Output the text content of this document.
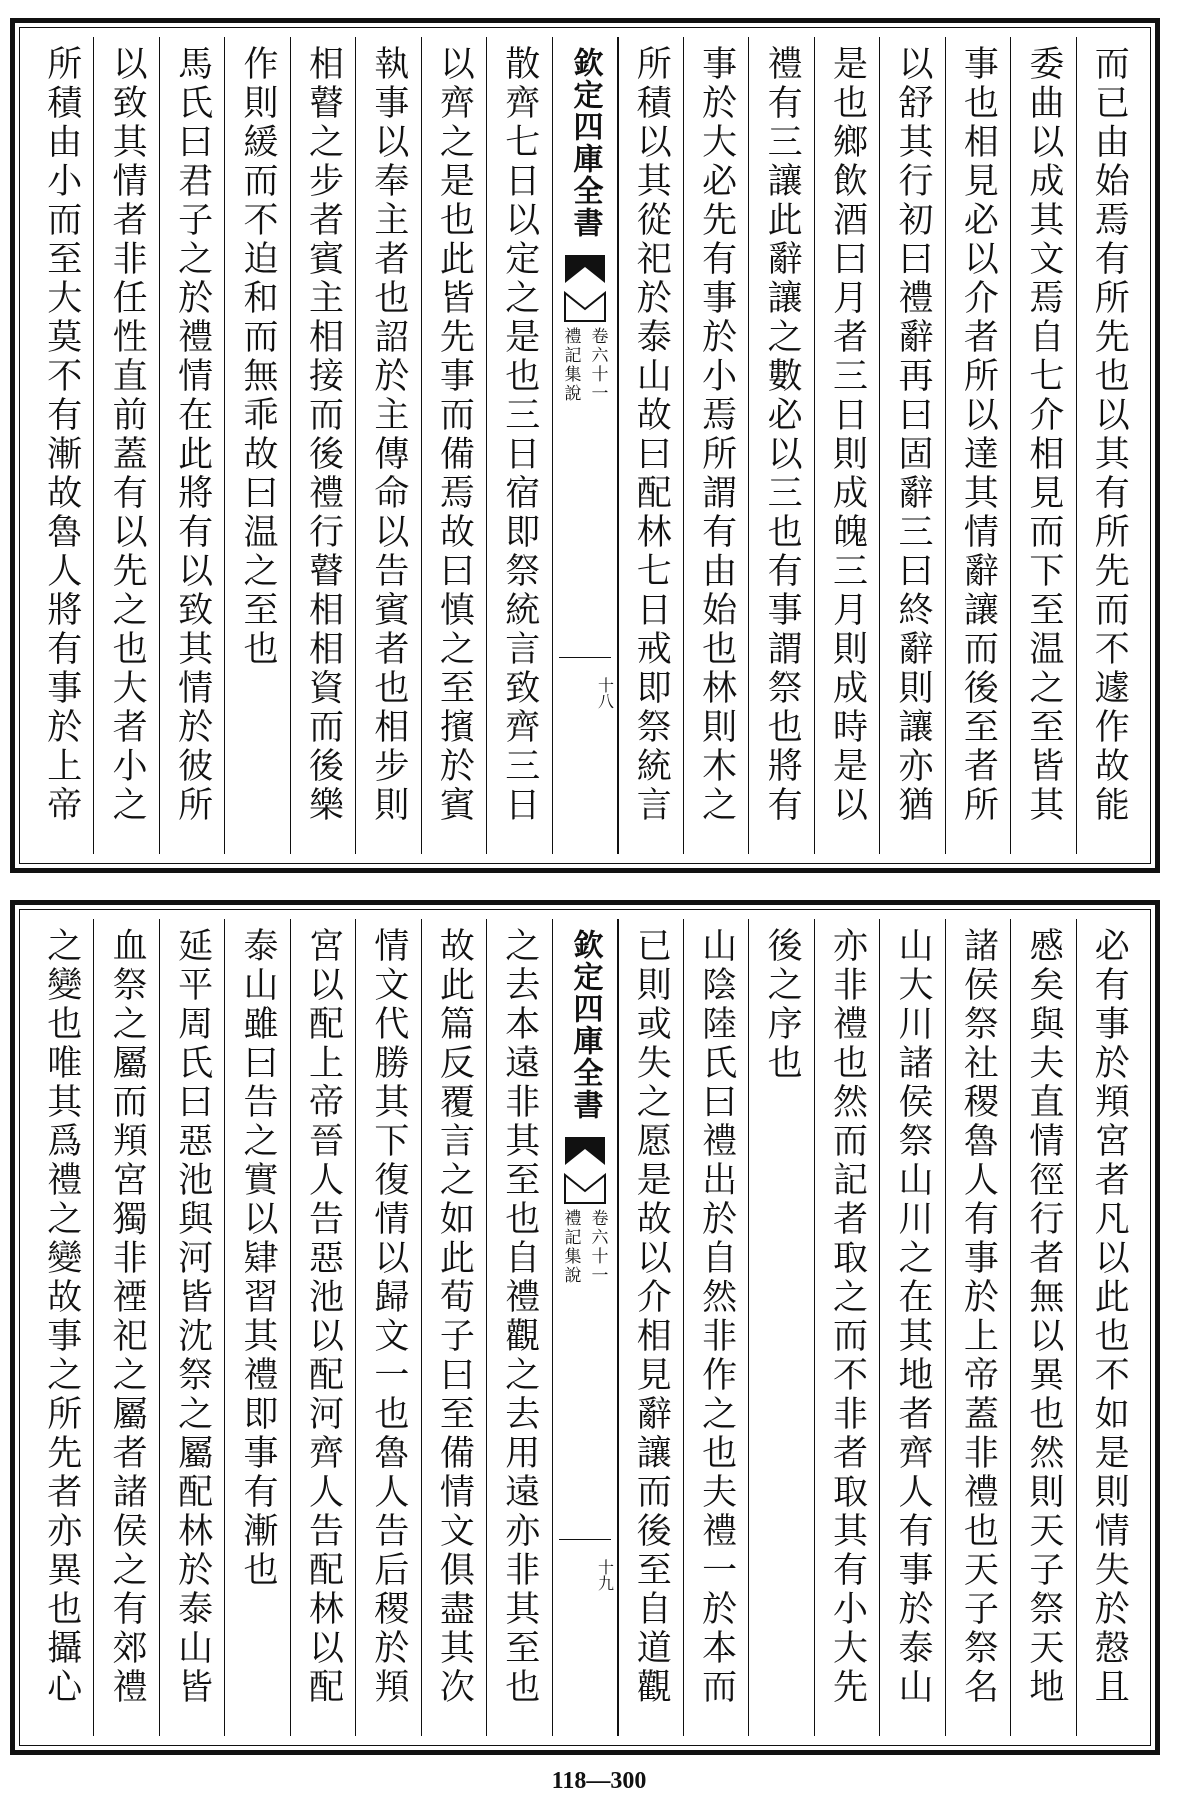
而已由始焉有所先也以其有所先而不遽作故能
委曲以成其文焉自七介相見而下至温之至皆其
事也相見必以介者所以達其情辭讓而後至者所
以舒其行初曰禮辭再曰固辭三曰終辭則讓亦猶
是也鄉飲酒曰月者三日則成魄三月則成時是以
禮有三讓此辭讓之數必以三也有事謂祭也將有
事於大必先有事於小焉所謂有由始也林則木之
所積以其從祀於泰山故曰配林七日戒即祭統言
欽定四庫全書
禮記集說 卷六十一
十八
散齊七日以定之是也三日宿即祭統言致齊三日
以齊之是也此皆先事而備焉故曰慎之至擯於賓
執事以奉主者也詔於主傳命以告賓者也相步則
相瞽之步者賓主相接而後禮行瞽相相資而後樂
作則緩而不迫和而無乖故曰温之至也
馬氏曰君子之於禮情在此將有以致其情於彼所
以致其情者非任性直前蓋有以先之也大者小之
所積由小而至大莫不有漸故魯人將有事於上帝
必有事於頖宮者凡以此也不如是則情失於慤且
慼矣與夫直情徑行者無以異也然則天子祭天地
諸侯祭社稷魯人有事於上帝蓋非禮也天子祭名
山大川諸侯祭山川之在其地者齊人有事於泰山
亦非禮也然而記者取之而不非者取其有小大先
後之序也
山陰陸氏曰禮出於自然非作之也夫禮一於本而
已則或失之愿是故以介相見辭讓而後至自道觀
欽定四庫全書
禮記集說 卷六十一
十九
之去本遠非其至也自禮觀之去用遠亦非其至也
故此篇反覆言之如此荀子曰至備情文俱盡其次
情文代勝其下復情以歸文一也魯人告后稷於頖
宮以配上帝晉人告惡池以配河齊人告配林以配
泰山雖曰告之實以肄習其禮即事有漸也
延平周氏曰惡池與河皆沈祭之屬配林於泰山皆
血祭之屬而頖宮獨非禋祀之屬者諸侯之有郊禮
之變也唯其爲禮之變故事之所先者亦異也攝心
118—300
